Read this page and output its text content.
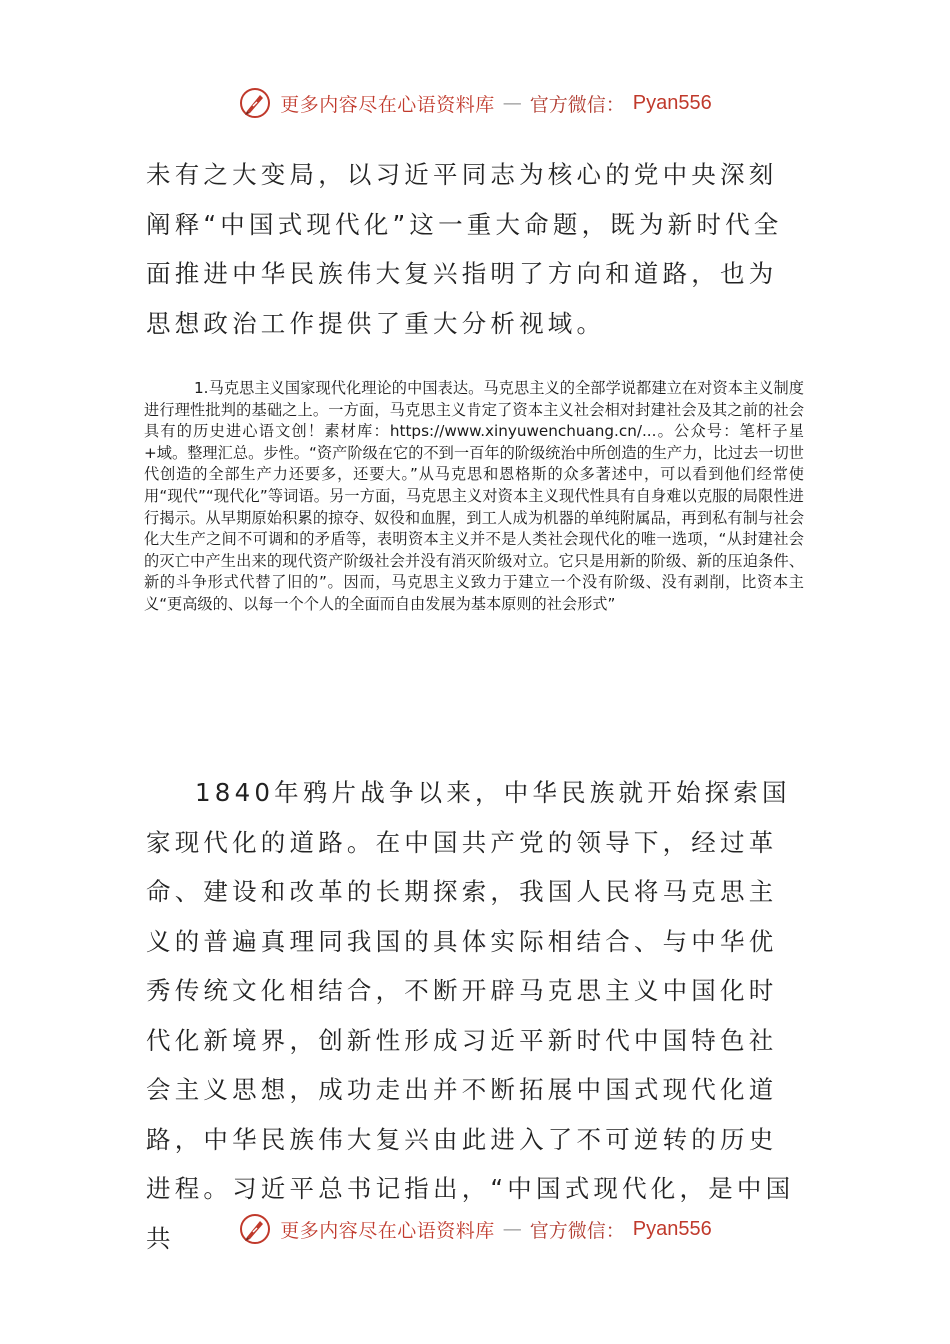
更多内容尽在心语资料库 — 官方微信： Pyan556

未有之大变局，以习近平同志为核心的党中央深刻阐释“中国式现代化”这一重大命题，既为新时代全面推进中华民族伟大复兴指明了方向和道路，也为思想政治工作提供了重大分析视域。

1.马克思主义国家现代化理论的中国表达。马克思主义的全部学说都建立在对资本主义制度进行理性批判的基础之上。一方面，马克思主义肯定了资本主义社会相对封建社会及其之前的社会具有的历史进心语文创！素材库：https://www.xinyuwenchuang.cn/...。公众号：笔杆子星+域。整理汇总。步性。“资产阶级在它的不到一百年的阶级统治中所创造的生产力，比过去一切世代创造的全部生产力还要多，还要大。”从马克思和恩格斯的众多著述中，可以看到他们经常使用“现代”“现代化”等词语。另一方面，马克思主义对资本主义现代性具有自身难以克服的局限性进行揭示。从早期原始积累的掠夺、奴役和血腥，到工人成为机器的单纯附属品，再到私有制与社会化大生产之间不可调和的矛盾等，表明资本主义并不是人类社会现代化的唯一选项，“从封建社会的灭亡中产生出来的现代资产阶级社会并没有消灭阶级对立。它只是用新的阶级、新的压迫条件、新的斗争形式代替了旧的”。因而，马克思主义致力于建立一个没有阶级、没有剥削，比资本主义“更高级的、以每一个个人的全面而自由发展为基本原则的社会形式”

1840年鸦片战争以来，中华民族就开始探索国家现代化的道路。在中国共产党的领导下，经过革命、建设和改革的长期探索，我国人民将马克思主义的普遍真理同我国的具体实际相结合、与中华优秀传统文化相结合，不断开辟马克思主义中国化时代化新境界，创新性形成习近平新时代中国特色社会主义思想，成功走出并不断拓展中国式现代化道路，中华民族伟大复兴由此进入了不可逆转的历史进程。习近平总书记指出，“中国式现代化，是中国共	更多内容尽在心语资料库 — 官方微信： Pyan556
